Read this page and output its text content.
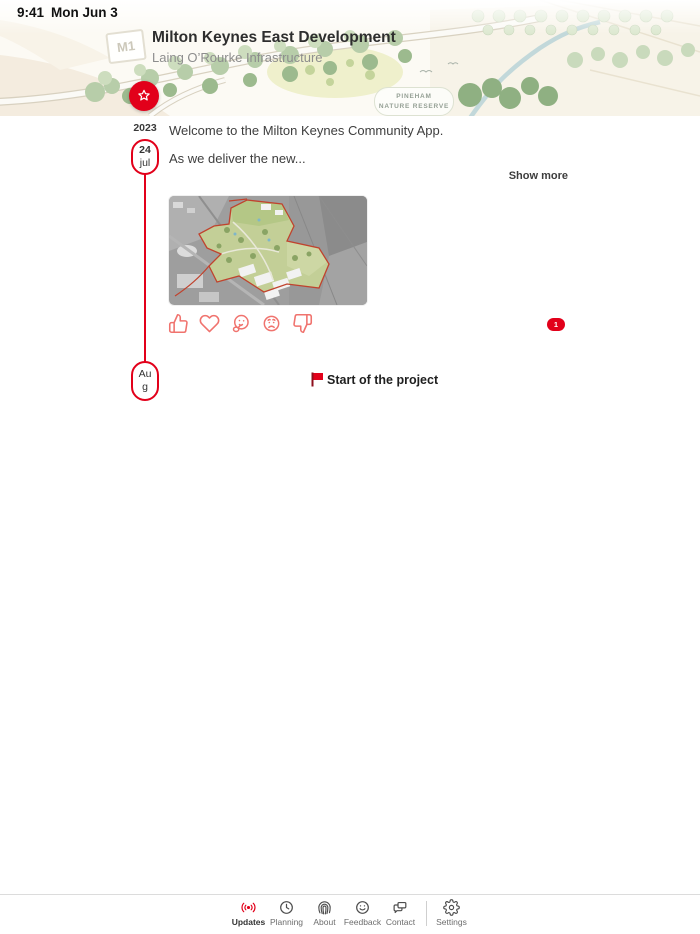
9:41 Mon Jun 3
M1
PINEHAM
NATURE RESERVE
Milton Keynes East Development
Laing O’Rourke Infrastructure
2023
24
jul
Aug
Welcome to the Milton Keynes Community App.
As we deliver the new...
Show more
1
Start of the project
Updates Planning About Feedback Contact Settings
